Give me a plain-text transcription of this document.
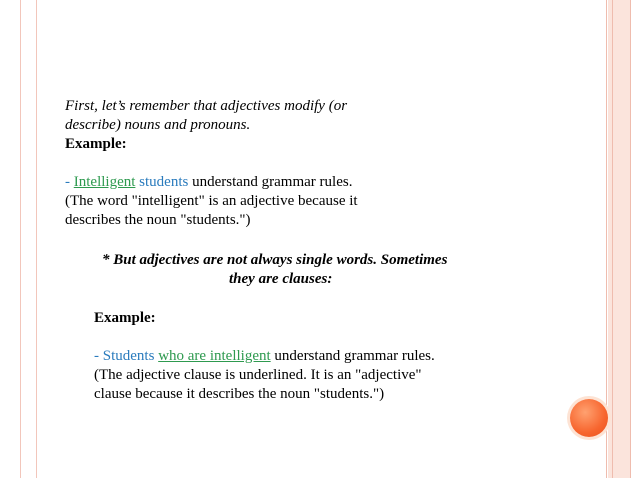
First, let’s remember that adjectives modify (or
describe) nouns and pronouns.
Example:
- Intelligent students understand grammar rules.
(The word "intelligent" is an adjective because it
describes the noun "students.")
* But adjectives are not always single words. Sometimes
they are clauses:
Example:
- Students who are intelligent understand grammar rules.
(The adjective clause is underlined. It is an "adjective"
clause because it describes the noun "students.")
